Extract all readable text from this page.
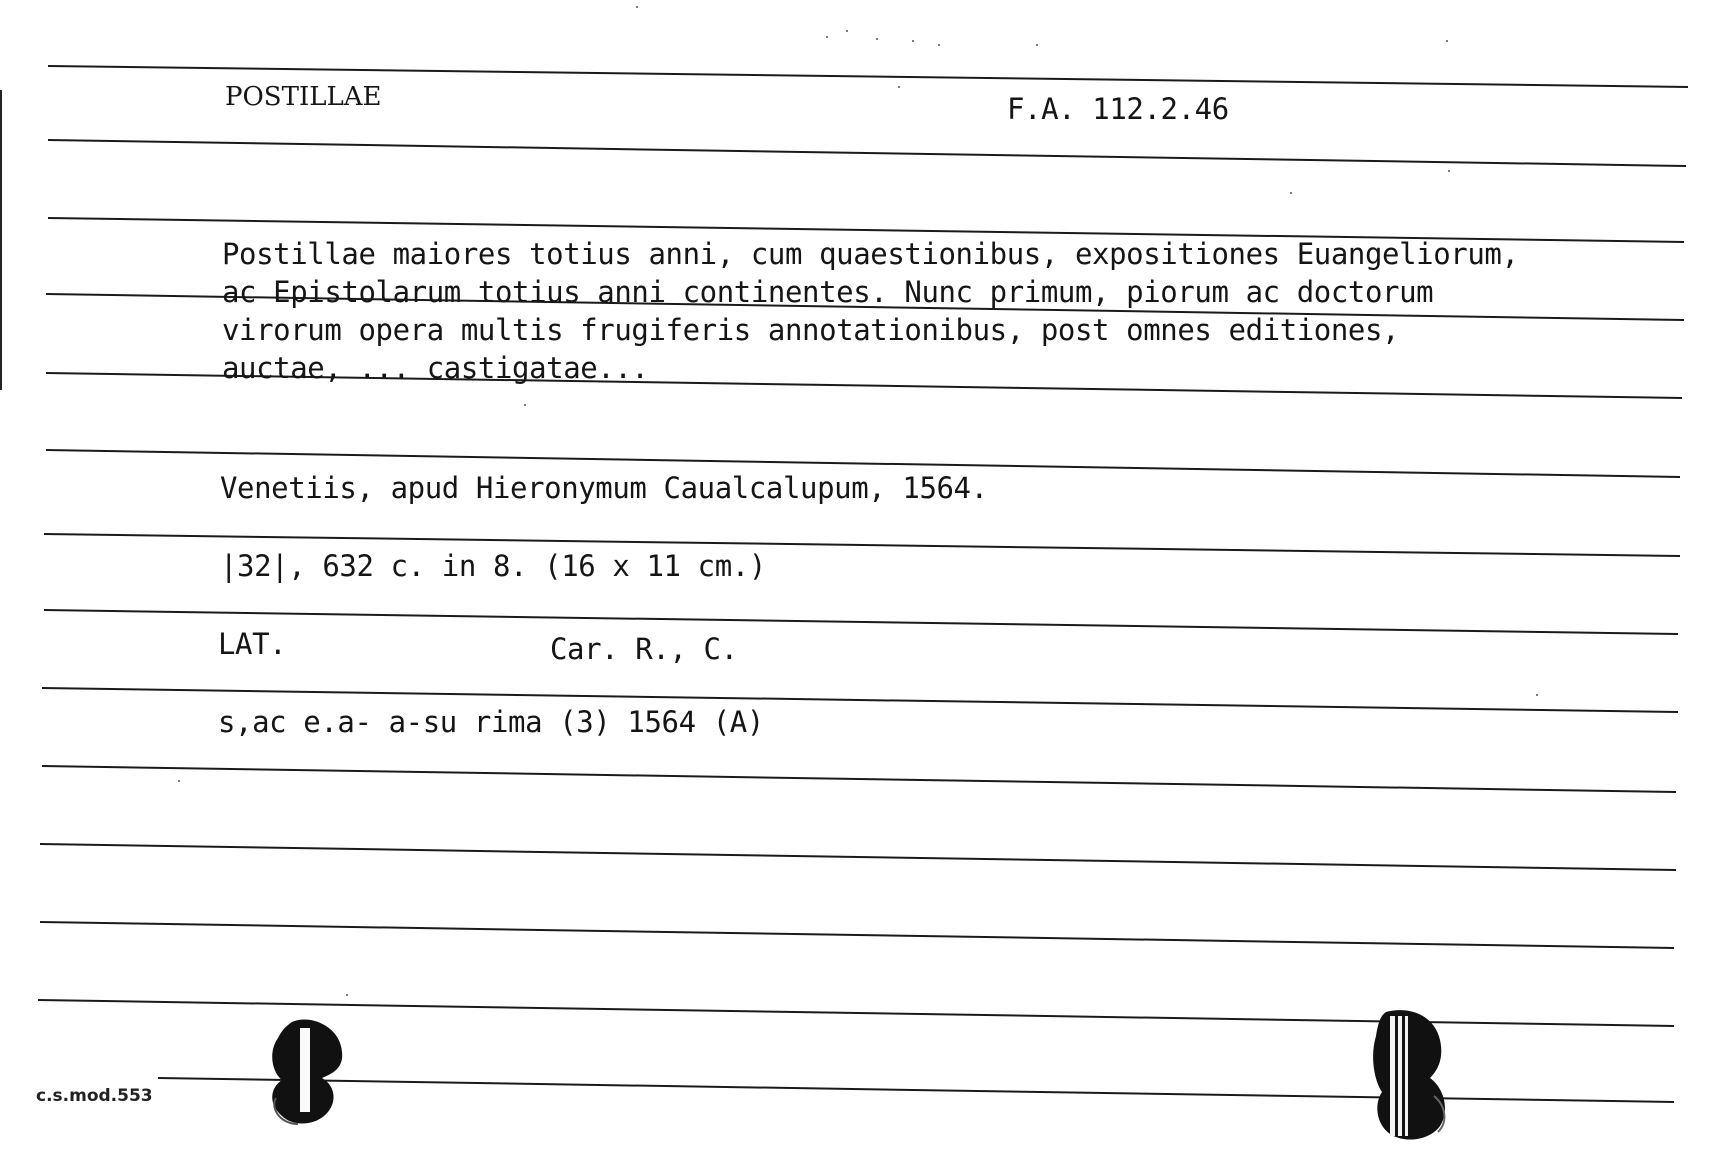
POSTILLAE	F.A. 112.2.46
Postillae maiores totius anni, cum quaestionibus, expositiones Euangeliorum,
ac Epistolarum totius anni continentes. Nunc primum, piorum ac doctorum
virorum opera multis frugiferis annotationibus, post omnes editiones,
auctae, ... castigatae...
Venetiis, apud Hieronymum Caualcalupum, 1564.
|32|, 632 c. in 8. (16 x 11 cm.)
LAT.	Car. R., C.
s,ac e.a- a-su rima (3) 1564 (A)
c.s.mod.553
